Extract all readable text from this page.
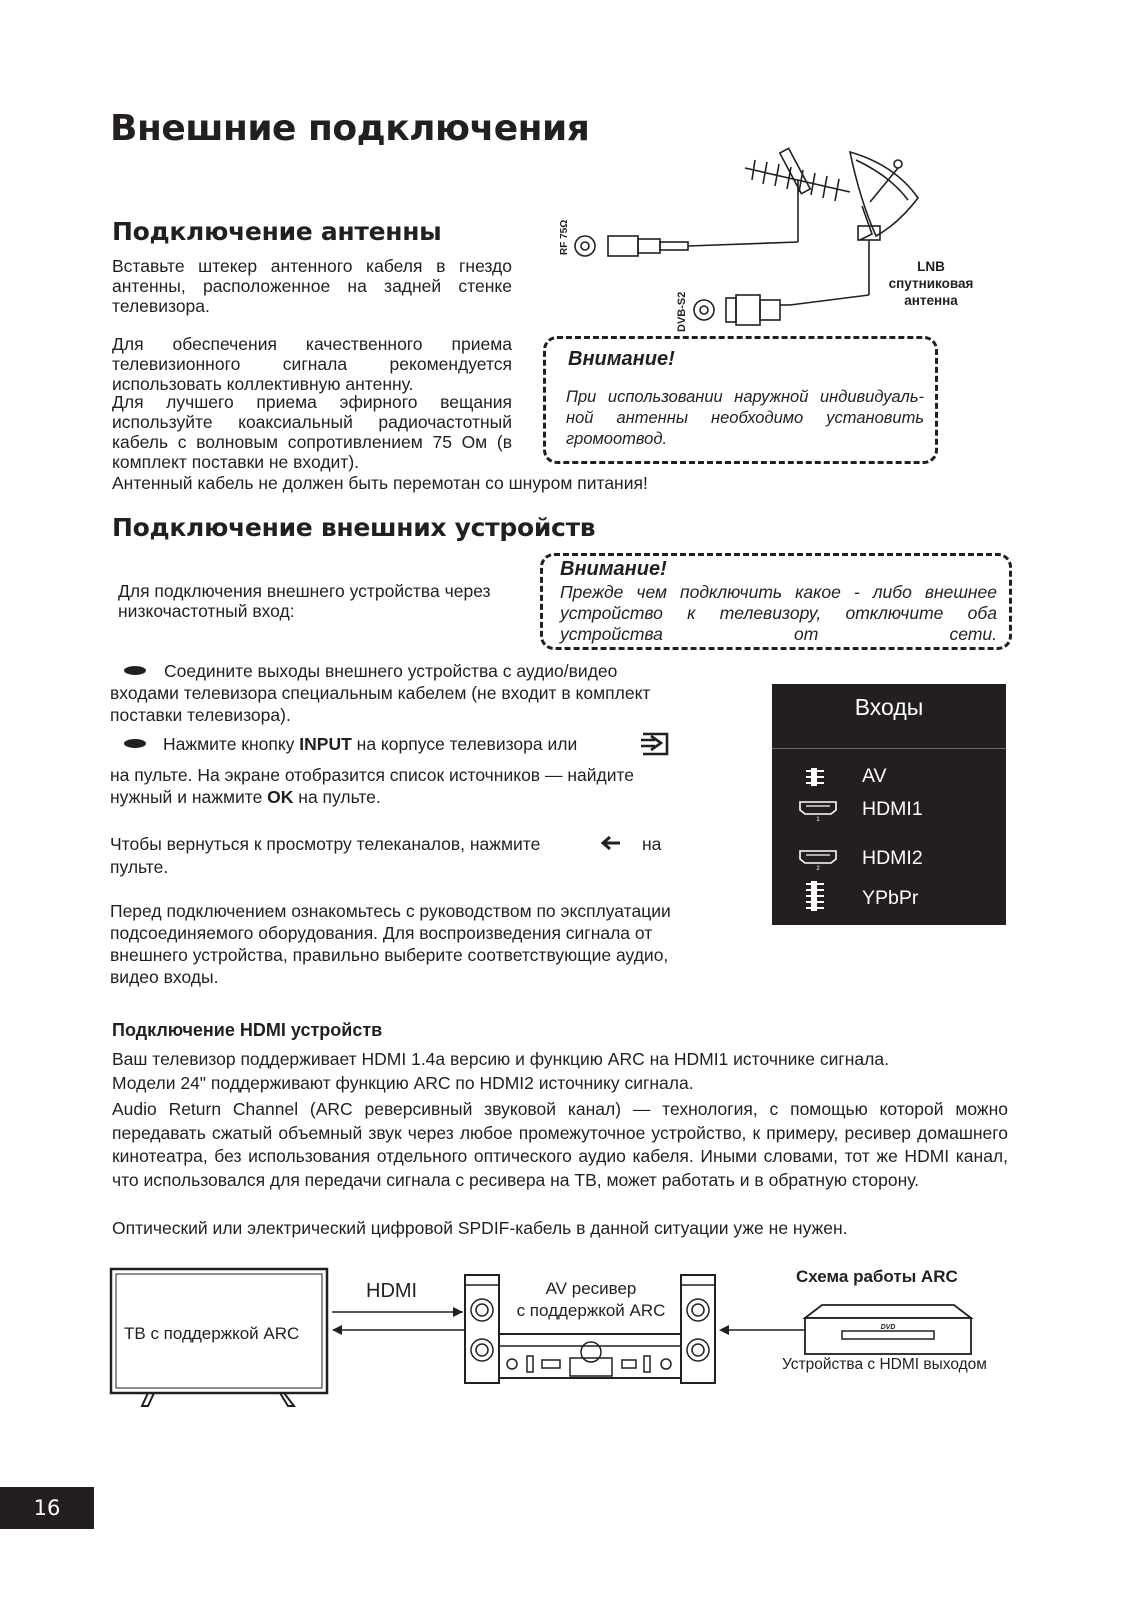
Внешние подключения
Подключение антенны
Вставьте штекер антенного кабеля в гнездо антенны, расположенное на задней стенке телевизора.
Для обеспечения качественного приема телевизионного сигнала рекомендуется использовать коллективную антенну.
Для лучшего приема эфирного вещания используйте коаксиальный радиочастотный кабель с волновым сопротивлением 75 Ом (в комплект поставки не входит).
Антенный кабель не должен быть перемотан со шнуром питания!
RF 75Ω
DVB-S2
LNB
спутниковая
антенна
Внимание!
При использовании наружной индивидуаль-ной антенны необходимо установить громоотвод.
Подключение внешних устройств
Для подключения внешнего устройства через низкочастотный вход:
Внимание!
Прежде чем подключить какое - либо внешнее устройство к телевизору, отключите оба устройства от сети.
Соедините выходы внешнего устройства с аудио/видео входами телевизора специальным кабелем (не входит в комплект поставки телевизора).
Нажмите кнопку INPUT на корпусе телевизора или
на пульте. На экране отобразится список источников — найдите нужный и нажмите OK на пульте.
Чтобы вернуться к просмотру телеканалов, нажмите	на
пульте.
Перед подключением ознакомьтесь с руководством по эксплуатации подсоединяемого оборудования. Для воспроизведения сигнала от внешнего устройства, правильно выберите соответствующие аудио, видео входы.
Входы
AV
1 HDMI1
2 HDMI2
YPbPr
Подключение HDMI устройств
Ваш телевизор поддерживает HDMI 1.4a версию и функцию ARC на HDMI1 источнике сигнала.
Модели 24" поддерживают функцию ARC по HDMI2 источнику сигнала.
Audio Return Channel (ARC реверсивный звуковой канал) — технология, с помощью которой можно передавать сжатый объемный звук через любое промежуточное устройство, к примеру, ресивер домашнего кинотеатра, без использования отдельного оптического аудио кабеля. Иными словами, тот же HDMI канал, что использовался для передачи сигнала с ресивера на ТВ, может работать и в обратную сторону.
Оптический или электрический цифровой SPDIF-кабель в данной ситуации уже не нужен.
Схема работы ARC
ТВ с поддержкой ARC
HDMI	AV ресивер
с поддержкой ARC
DVD
Устройства с HDMI выходом
16
